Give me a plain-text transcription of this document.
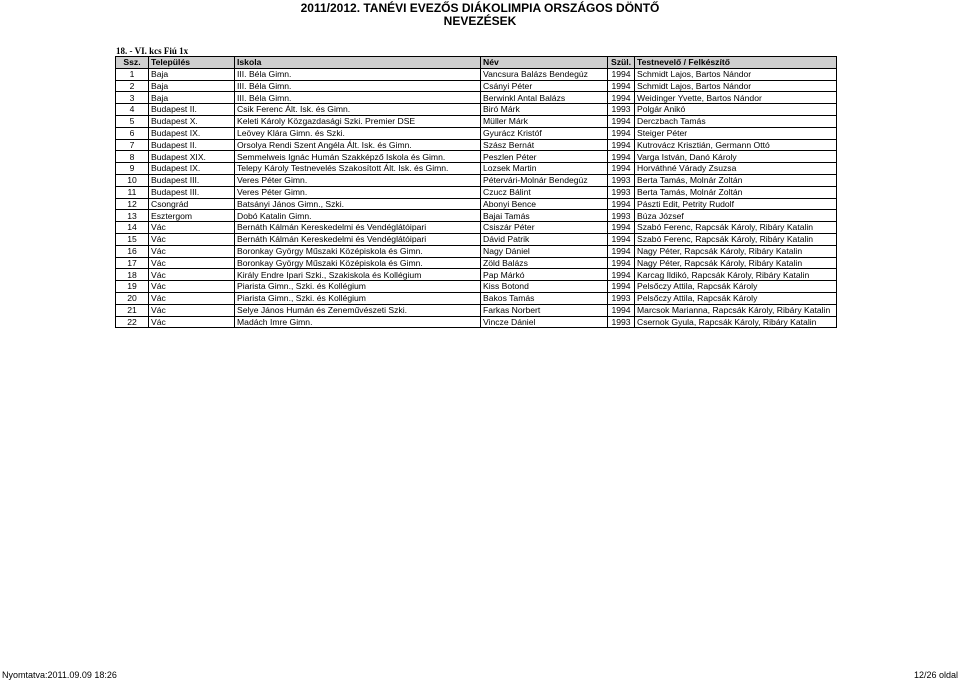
2011/2012. TANÉVI EVEZŐS DIÁKOLIMPIA ORSZÁGOS DÖNTŐ
NEVEZÉSEK
18. - VI. kcs Fiú 1x
Ssz.	Település	Iskola	Név	Szül.	Testnevelő / Felkészítő
1	Baja	III. Béla Gimn.	Vancsura Balázs Bendegúz	1994	Schmidt Lajos, Bartos Nándor
2	Baja	III. Béla Gimn.	Csányi Péter	1994	Schmidt Lajos, Bartos Nándor
3	Baja	III. Béla Gimn.	Berwinkl Antal Balázs	1994	Weidinger Yvette, Bartos Nándor
4	Budapest II.	Csik Ferenc Ált. Isk. és Gimn.	Biró Márk	1993	Polgár Anikó
5	Budapest X.	Keleti Károly Közgazdasági Szki. Premier DSE	Müller Márk	1994	Derczbach Tamás
6	Budapest IX.	Leövey Klára Gimn. és Szki.	Gyurácz Kristóf	1994	Steiger Péter
7	Budapest II.	Orsolya Rendi Szent Angéla Ált. Isk. és Gimn.	Szász Bernát	1994	Kutrovácz Krisztián, Germann Ottó
8	Budapest XIX.	Semmelweis Ignác Humán Szakképző Iskola és Gimn.	Peszlen Péter	1994	Varga István, Danó Károly
9	Budapest IX.	Telepy Károly Testnevelés Szakosított Ált. Isk. és Gimn.	Lozsek Martin	1994	Horváthné Várady Zsuzsa
10	Budapest III.	Veres Péter Gimn.	Pétervári-Molnár Bendegúz	1993	Berta Tamás, Molnár Zoltán
11	Budapest III.	Veres Péter Gimn.	Czucz Bálint	1993	Berta Tamás, Molnár Zoltán
12	Csongrád	Batsányi János Gimn., Szki.	Abonyi Bence	1994	Pászti Edit, Petrity Rudolf
13	Esztergom	Dobó Katalin Gimn.	Bajai Tamás	1993	Búza József
14	Vác	Bernáth Kálmán Kereskedelmi és Vendéglátóipari	Csiszár Péter	1994	Szabó Ferenc, Rapcsák Károly, Ribáry Katalin
15	Vác	Bernáth Kálmán Kereskedelmi és Vendéglátóipari	Dávid Patrik	1994	Szabó Ferenc, Rapcsák Károly, Ribáry Katalin
16	Vác	Boronkay György Műszaki Középiskola és Gimn.	Nagy Dániel	1994	Nagy Péter, Rapcsák Károly, Ribáry Katalin
17	Vác	Boronkay György Műszaki Középiskola és Gimn.	Zöld Balázs	1994	Nagy Péter, Rapcsák Károly, Ribáry Katalin
18	Vác	Király Endre Ipari Szki., Szakiskola és Kollégium	Pap Márkó	1994	Karcag Ildikó, Rapcsák Károly, Ribáry Katalin
19	Vác	Piarista Gimn., Szki. és Kollégium	Kiss Botond	1994	Pelsőczy Attila, Rapcsák Károly
20	Vác	Piarista Gimn., Szki. és Kollégium	Bakos Tamás	1993	Pelsőczy Attila, Rapcsák Károly
21	Vác	Selye János Humán és Zeneművészeti Szki.	Farkas Norbert	1994	Marcsok Marianna, Rapcsák Károly, Ribáry Katalin
22	Vác	Madách Imre Gimn.	Vincze Dániel	1993	Csernok Gyula, Rapcsák Károly, Ribáry Katalin
Nyomtatva:2011.09.09 18:26	12/26 oldal
